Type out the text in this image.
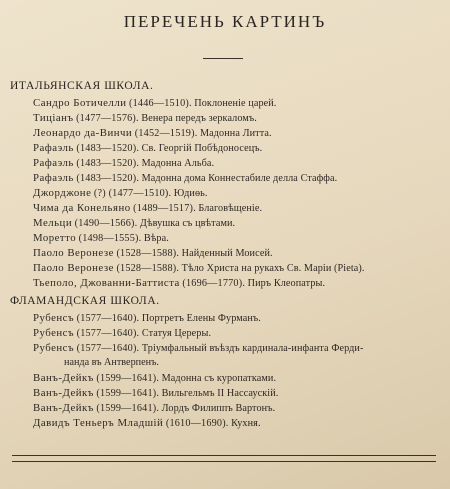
ПЕРЕЧЕНЬ КАРТИНЪ
ИТАЛЬЯНСКАЯ ШКОЛА.
ФЛАМАНДСКАЯ ШКОЛА.
Сандро Ботичелли (1446—1510). Поклоненіе царей.
Тиціанъ (1477—1576). Венера передъ зеркаломъ.
Леонардо да-Винчи (1452—1519). Мадонна Литта.
Рафаэль (1483—1520). Св. Георгій Побѣдоносецъ.
Рафаэль (1483—1520). Мадонна Альба.
Рафаэль (1483—1520). Мадонна дома Коннестабиле делла Стаффа.
Джорджоне (?) (1477—1510). Юдиѳь.
Чима да Конельяно (1489—1517). Благовѣщеніе.
Мельци (1490—1566). Дѣвушка съ цвѣтами.
Моретто (1498—1555). Вѣра.
Паоло Веронезе (1528—1588). Найденный Моисей.
Паоло Веронезе (1528—1588). Тѣло Христа на рукахъ Св. Маріи (Pieta).
Тьеполо, Джованни-Баттиста (1696—1770). Пиръ Клеопатры.
Рубенсъ (1577—1640). Портретъ Елены Фурманъ.
Рубенсъ (1577—1640). Статуя Цереры.
Рубенсъ (1577—1640). Тріумфальный въѣздъ кардинала-инфанта Ферди-
нанда въ Антверпенъ.
Ванъ-Дейкъ (1599—1641). Мадонна съ куропатками.
Ванъ-Дейкъ (1599—1641). Вильгельмъ II Нассаускій.
Ванъ-Дейкъ (1599—1641). Лордъ Филиппъ Вартонъ.
Давидъ Теньеръ Младшій (1610—1690). Кухня.
